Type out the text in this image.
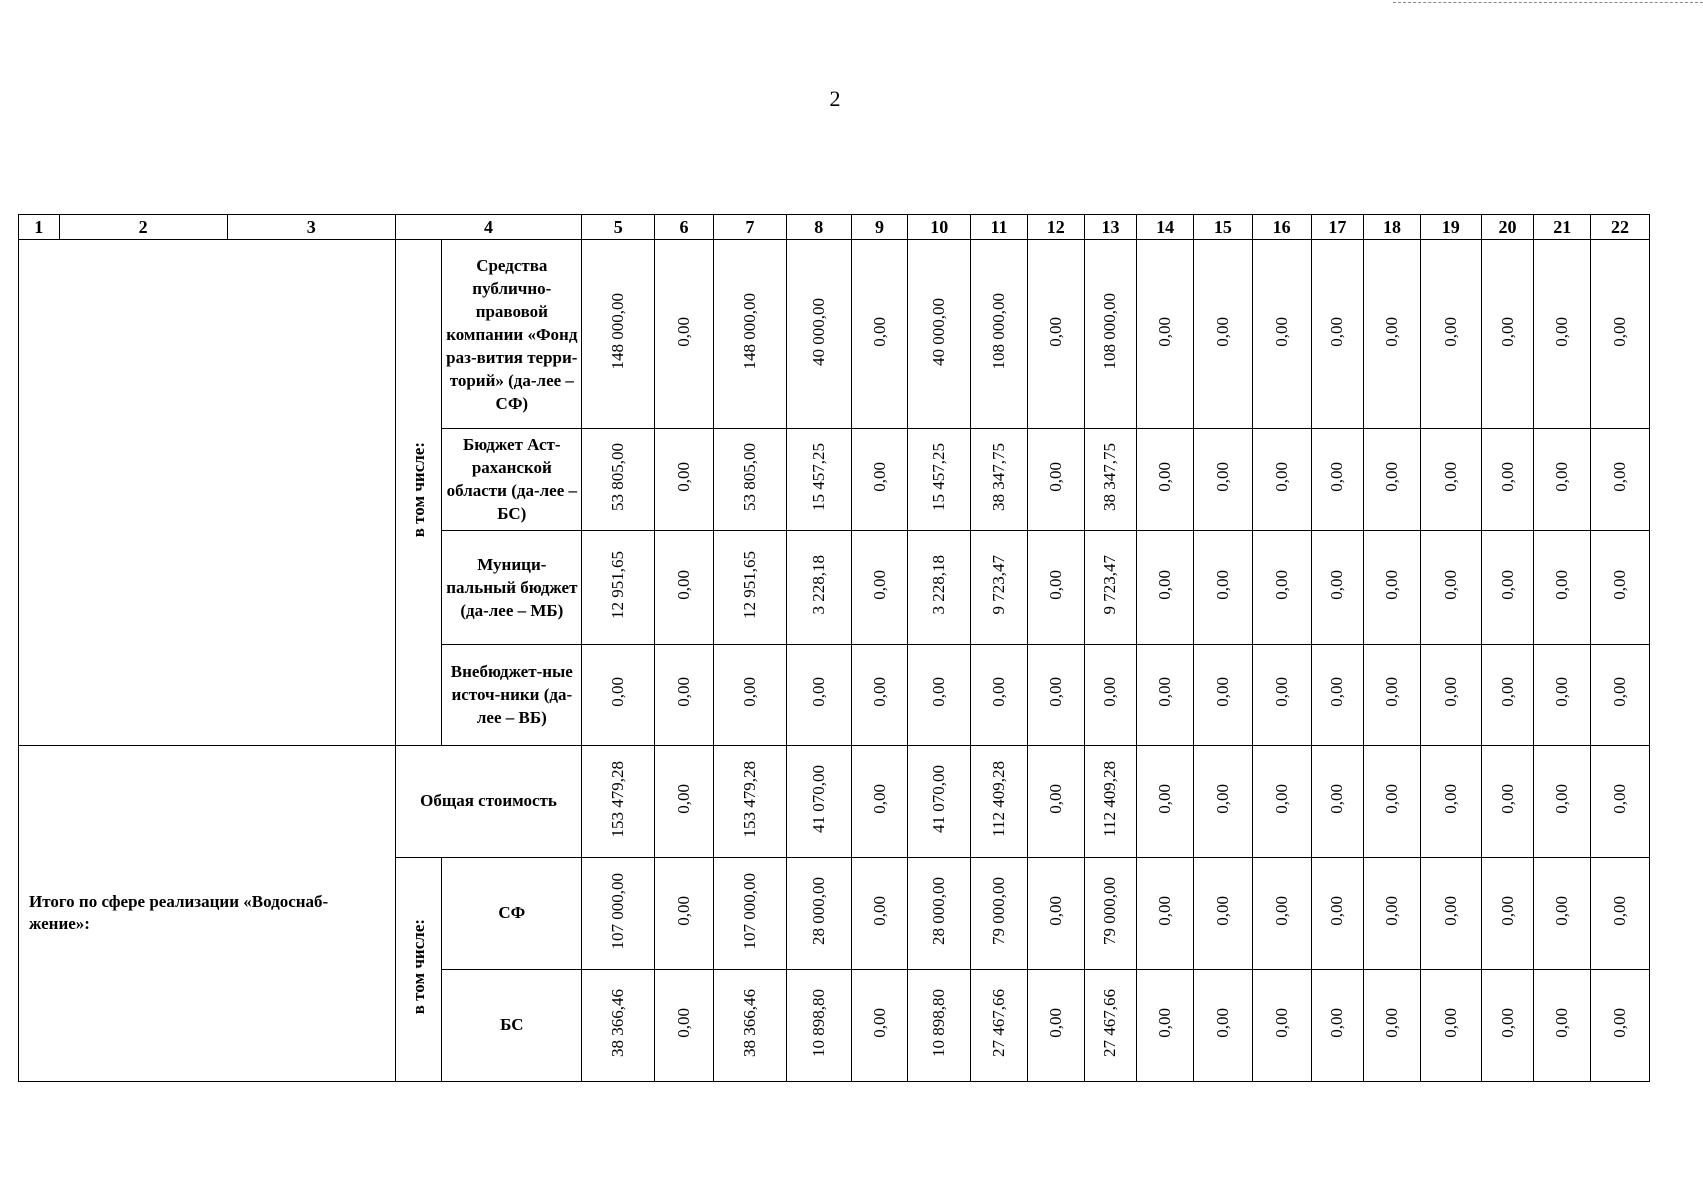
2
1	2	3	4		5	6	7	8	9	10	11	12	13	14	15	16	17	18	19	20	21	22
			в том числе:	Средства публично-правовой компании «Фонд раз-вития терри-торий» (да-лее – СФ)	148 000,00	0,00	148 000,00	40 000,00	0,00	40 000,00	108 000,00	0,00	108 000,00	0,00	0,00	0,00	0,00	0,00	0,00	0,00	0,00	0,00
				Бюджет Аст-раханской области (да-лее – БС)	53 805,00	0,00	53 805,00	15 457,25	0,00	15 457,25	38 347,75	0,00	38 347,75	0,00	0,00	0,00	0,00	0,00	0,00	0,00	0,00	0,00
				Муници-пальный бюджет (да-лее – МБ)	12 951,65	0,00	12 951,65	3 228,18	0,00	3 228,18	9 723,47	0,00	9 723,47	0,00	0,00	0,00	0,00	0,00	0,00	0,00	0,00	0,00
				Внебюджет-ные источ-ники (да-лее – ВБ)	0,00	0,00	0,00	0,00	0,00	0,00	0,00	0,00	0,00	0,00	0,00	0,00	0,00	0,00	0,00	0,00	0,00	0,00
Итого по сфере реализации «Водоснаб-жение»:			Общая стоимость		153 479,28	0,00	153 479,28	41 070,00	0,00	41 070,00	112 409,28	0,00	112 409,28	0,00	0,00	0,00	0,00	0,00	0,00	0,00	0,00	0,00
			в том числе:	СФ	107 000,00	0,00	107 000,00	28 000,00	0,00	28 000,00	79 000,00	0,00	79 000,00	0,00	0,00	0,00	0,00	0,00	0,00	0,00	0,00	0,00
				БС	38 366,46	0,00	38 366,46	10 898,80	0,00	10 898,80	27 467,66	0,00	27 467,66	0,00	0,00	0,00	0,00	0,00	0,00	0,00	0,00	0,00
